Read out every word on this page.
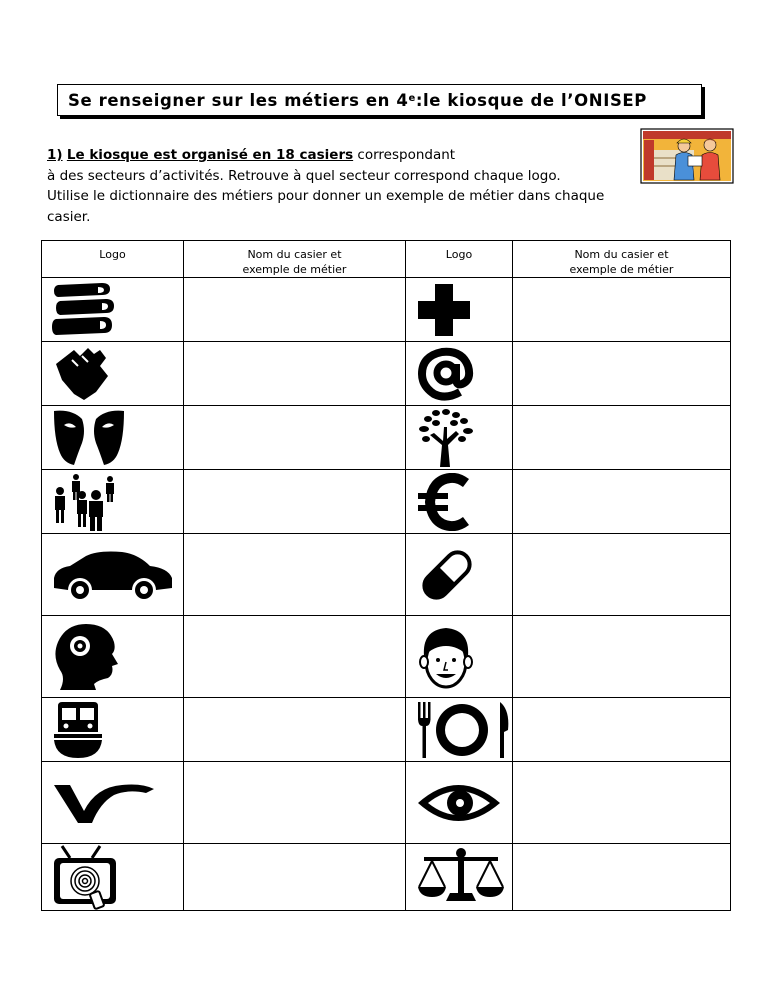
Se renseigner sur les métiers en 4e :le kiosque de l’ONISEP
1) Le kiosque est organisé en 18 casiers correspondant
à des secteurs d’activités. Retrouve à quel secteur correspond chaque logo.
Utilise le dictionnaire des métiers pour donner un exemple de métier dans chaque
casier.
Logo	Nom du casier et
exemple de métier	Logo	Nom du casier et
exemple de métier
